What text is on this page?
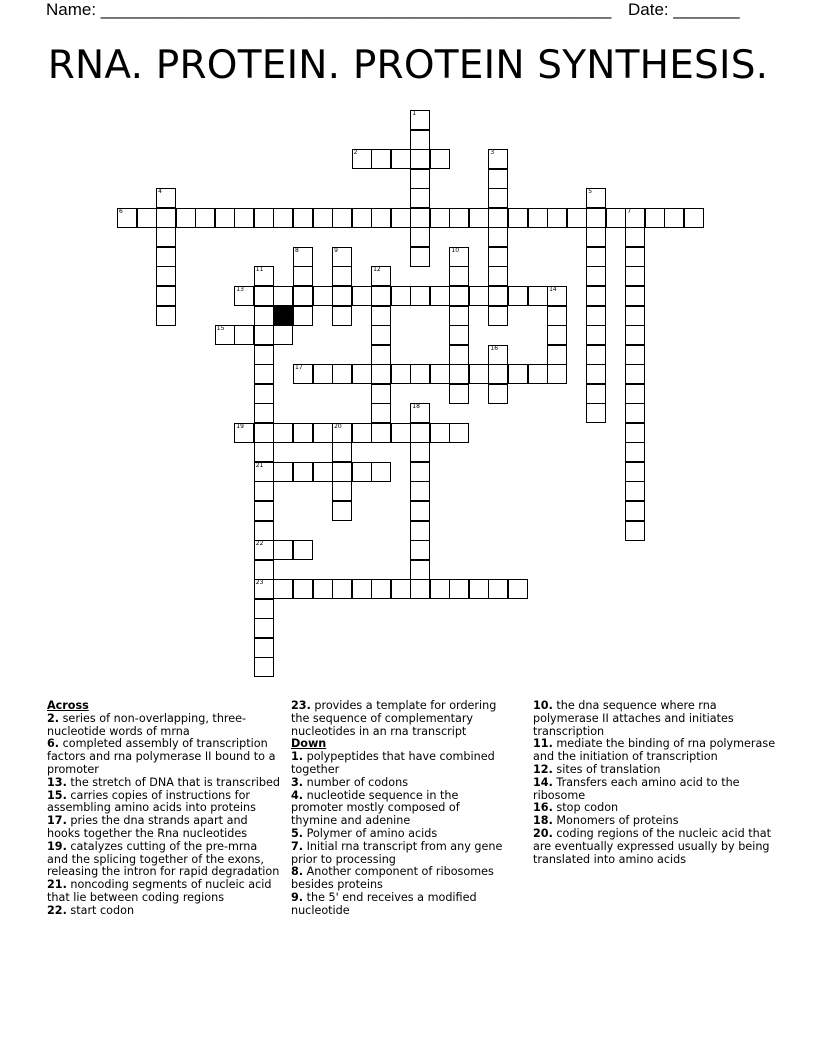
Name: ______________________________________________________ Date: _______
RNA. PROTEIN. PROTEIN SYNTHESIS.
1
2	3
4	5
6	7
8	9	10
11
21
22
23
12
13	14
15
16
17
18
19	20
Across
2. series of non-overlapping, three-nucleotide words of mrna
6. completed assembly of transcription factors and rna polymerase II bound to a promoter
13. the stretch of DNA that is transcribed
15. carries copies of instructions for assembling amino acids into proteins
17. pries the dna strands apart and hooks together the Rna nucleotides
19. catalyzes cutting of the pre-mrna and the splicing together of the exons, releasing the intron for rapid degradation
21. noncoding segments of nucleic acid that lie between coding regions
22. start codon
23. provides a template for ordering the sequence of complementary nucleotides in an rna transcript
Down
1. polypeptides that have combined together
3. number of codons
4. nucleotide sequence in the promoter mostly composed of thymine and adenine
5. Polymer of amino acids
7. Initial rna transcript from any gene prior to processing
8. Another component of ribosomes besides proteins
9. the 5' end receives a modified nucleotide
10. the dna sequence where rna polymerase II attaches and initiates transcription
11. mediate the binding of rna polymerase and the initiation of transcription
12. sites of translation
14. Transfers each amino acid to the ribosome
16. stop codon
18. Monomers of proteins
20. coding regions of the nucleic acid that are eventually expressed usually by being translated into amino acids
